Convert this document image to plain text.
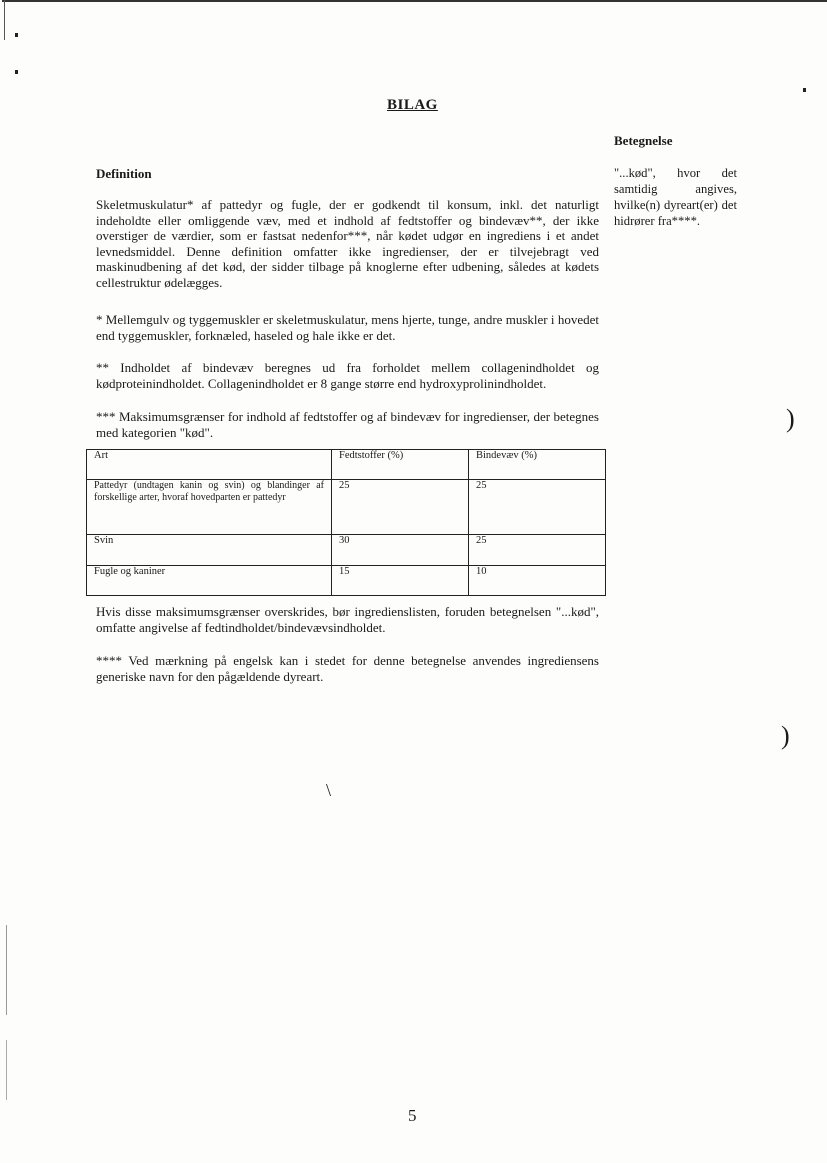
)
)
\
BILAG
Definition
Skeletmuskulatur* af pattedyr og fugle, der er godkendt til konsum, inkl. det naturligt indeholdte eller omliggende væv, med et indhold af fedtstoffer og bindevæv**, der ikke overstiger de værdier, som er fastsat nedenfor***, når kødet udgør en ingrediens i et andet levnedsmiddel. Denne definition omfatter ikke ingredienser, der er tilvejebragt ved maskinudbening af det kød, der sidder tilbage på knoglerne efter udbening, således at kødets cellestruktur ødelægges.
* Mellemgulv og tyggemuskler er skeletmuskulatur, mens hjerte, tunge, andre muskler i hovedet end tyggemuskler, forknæled, haseled og hale ikke er det.
** Indholdet af bindevæv beregnes ud fra forholdet mellem collagenindholdet og kødproteinindholdet. Collagenindholdet er 8 gange større end hydroxyprolinindholdet.
*** Maksimumsgrænser for indhold af fedtstoffer og af bindevæv for ingredienser, der betegnes med kategorien "kød".
Art	Fedtstoffer (%)	Bindevæv (%)
Pattedyr (undtagen kanin og svin) og blandinger af forskellige arter, hvoraf hovedparten er pattedyr	25	25
Svin	30	25
Fugle og kaniner	15	10
Hvis disse maksimumsgrænser overskrides, bør ingredienslisten, foruden betegnelsen "...kød", omfatte angivelse af fedtindholdet/bindevævsindholdet.
**** Ved mærkning på engelsk kan i stedet for denne betegnelse anvendes ingrediensens generiske navn for den pågældende dyreart.
Betegnelse
"...kød", hvor det samtidig angives, hvilke(n) dyreart(er) det hidrører fra****.
5
